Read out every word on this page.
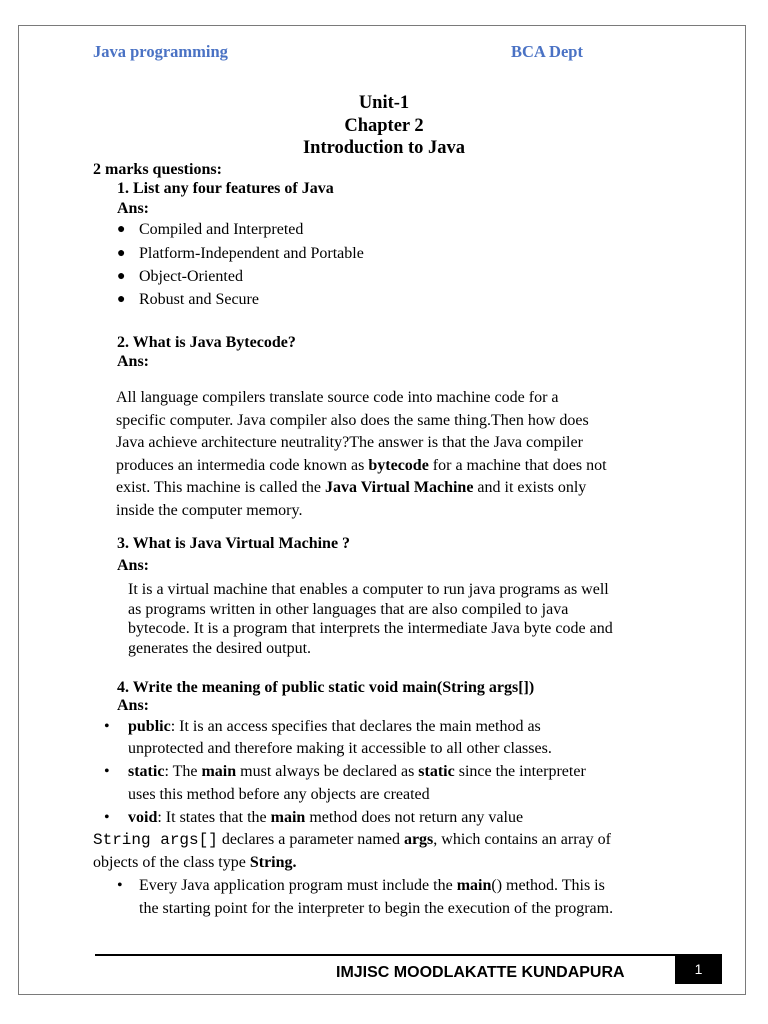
Java programming	BCA Dept
Unit-1
Chapter 2
Introduction to Java
2 marks questions:
1. List any four features of Java
Ans:
● Compiled and Interpreted
● Platform-Independent and Portable
● Object-Oriented
● Robust and Secure
2. What is Java Bytecode?
Ans:
All language compilers translate source code into machine code for a
specific computer. Java compiler also does the same thing.Then how does
Java achieve architecture neutrality?The answer is that the Java compiler
produces an intermedia code known as bytecode for a machine that does not
exist. This machine is called the Java Virtual Machine and it exists only
inside the computer memory.
3. What is Java Virtual Machine ?
Ans:
It is a virtual machine that enables a computer to run java programs as well
as programs written in other languages that are also compiled to java
bytecode. It is a program that interprets the intermediate Java byte code and
generates the desired output.
4. Write the meaning of public static void main(String args[])
Ans:
• public: It is an access specifies that declares the main method as
unprotected and therefore making it accessible to all other classes.
• static: The main must always be declared as static since the interpreter
uses this method before any objects are created
• void: It states that the main method does not return any value
String args[] declares a parameter named args, which contains an array of
objects of the class type String.
• Every Java application program must include the main() method. This is
the starting point for the interpreter to begin the execution of the program.
IMJISC MOODLAKATTE KUNDAPURA	1
